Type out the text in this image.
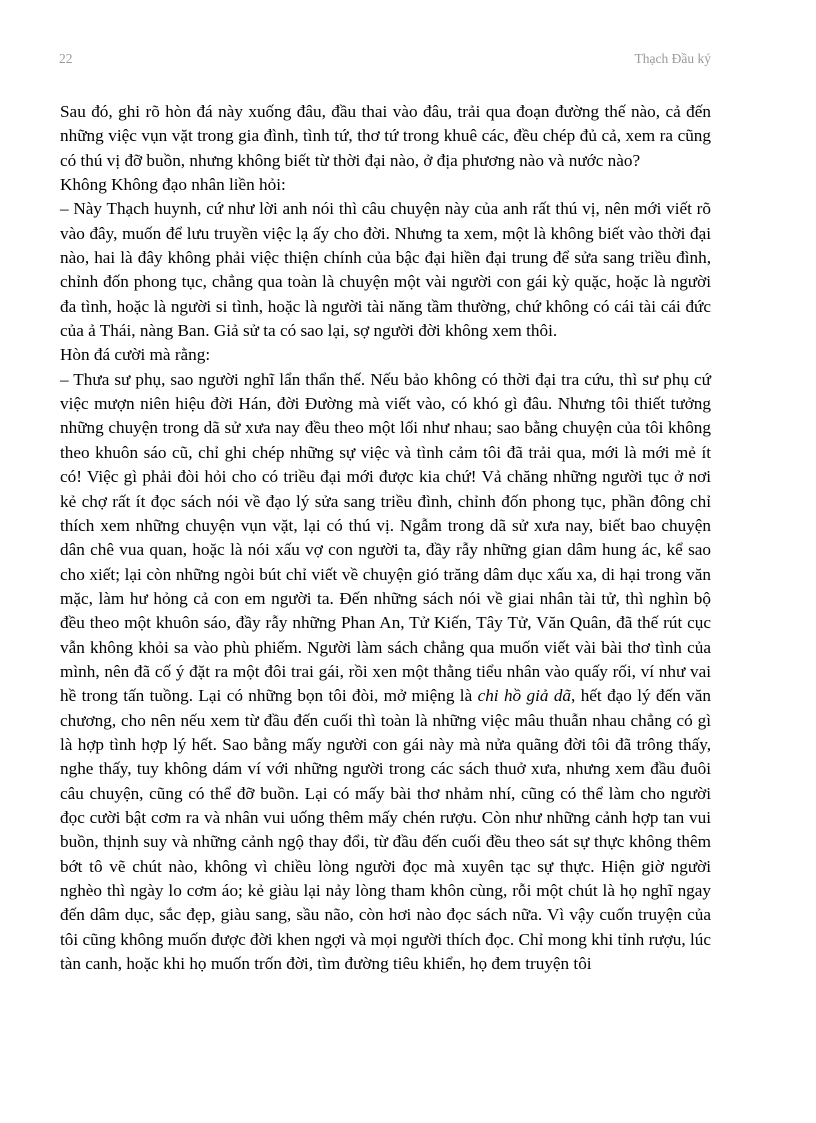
22	Thạch Đầu ký

Sau đó, ghi rõ hòn đá này xuống đâu, đầu thai vào đâu, trải qua đoạn đường thế nào, cả đến những việc vụn vặt trong gia đình, tình tứ, thơ tứ trong khuê các, đều chép đủ cả, xem ra cũng có thú vị đỡ buồn, nhưng không biết từ thời đại nào, ở địa phương nào và nước nào?

Không Không đạo nhân liền hỏi:

– Này Thạch huynh, cứ như lời anh nói thì câu chuyện này của anh rất thú vị, nên mới viết rõ vào đây, muốn để lưu truyền việc lạ ấy cho đời. Nhưng ta xem, một là không biết vào thời đại nào, hai là đây không phải việc thiện chính của bậc đại hiền đại trung để sửa sang triều đình, chỉnh đốn phong tục, chẳng qua toàn là chuyện một vài người con gái kỳ quặc, hoặc là người đa tình, hoặc là người si tình, hoặc là người tài năng tầm thường, chứ không có cái tài cái đức của ả Thái, nàng Ban. Giả sử ta có sao lại, sợ người đời không xem thôi.

Hòn đá cười mà rằng:

– Thưa sư phụ, sao người nghĩ lẩn thẩn thế. Nếu bảo không có thời đại tra cứu, thì sư phụ cứ việc mượn niên hiệu đời Hán, đời Đường mà viết vào, có khó gì đâu. Nhưng tôi thiết tưởng những chuyện trong dã sử xưa nay đều theo một lối như nhau; sao bằng chuyện của tôi không theo khuôn sáo cũ, chỉ ghi chép những sự việc và tình cảm tôi đã trải qua, mới là mới mẻ ít có! Việc gì phải đòi hỏi cho có triều đại mới được kia chứ! Vả chăng những người tục ở nơi kẻ chợ rất ít đọc sách nói về đạo lý sửa sang triều đình, chỉnh đốn phong tục, phần đông chỉ thích xem những chuyện vụn vặt, lại có thú vị. Ngẫm trong dã sử xưa nay, biết bao chuyện dân chê vua quan, hoặc là nói xấu vợ con người ta, đầy rẫy những gian dâm hung ác, kể sao cho xiết; lại còn những ngòi bút chỉ viết về chuyện gió trăng dâm dục xấu xa, di hại trong văn mặc, làm hư hỏng cả con em người ta. Đến những sách nói về giai nhân tài tử, thì nghìn bộ đều theo một khuôn sáo, đầy rẫy những Phan An, Tử Kiến, Tây Tử, Văn Quân, đã thế rút cục vẫn không khỏi sa vào phù phiếm. Người làm sách chẳng qua muốn viết vài bài thơ tình của mình, nên đã cố ý đặt ra một đôi trai gái, rồi xen một thằng tiểu nhân vào quấy rối, ví như vai hề trong tấn tuồng. Lại có những bọn tôi đòi, mở miệng là chi hồ giả dã, hết đạo lý đến văn chương, cho nên nếu xem từ đầu đến cuối thì toàn là những việc mâu thuẫn nhau chẳng có gì là hợp tình hợp lý hết. Sao bằng mấy người con gái này mà nửa quãng đời tôi đã trông thấy, nghe thấy, tuy không dám ví với những người trong các sách thuở xưa, nhưng xem đầu đuôi câu chuyện, cũng có thể đỡ buồn. Lại có mấy bài thơ nhảm nhí, cũng có thể làm cho người đọc cười bật cơm ra và nhân vui uống thêm mấy chén rượu. Còn như những cảnh hợp tan vui buồn, thịnh suy và những cảnh ngộ thay đổi, từ đầu đến cuối đều theo sát sự thực không thêm bớt tô vẽ chút nào, không vì chiều lòng người đọc mà xuyên tạc sự thực. Hiện giờ người nghèo thì ngày lo cơm áo; kẻ giàu lại nảy lòng tham khôn cùng, rỗi một chút là họ nghĩ ngay đến dâm dục, sắc đẹp, giàu sang, sầu não, còn hơi nào đọc sách nữa. Vì vậy cuốn truyện của tôi cũng không muốn được đời khen ngợi và mọi người thích đọc. Chỉ mong khi tỉnh rượu, lúc tàn canh, hoặc khi họ muốn trốn đời, tìm đường tiêu khiển, họ đem truyện tôi
